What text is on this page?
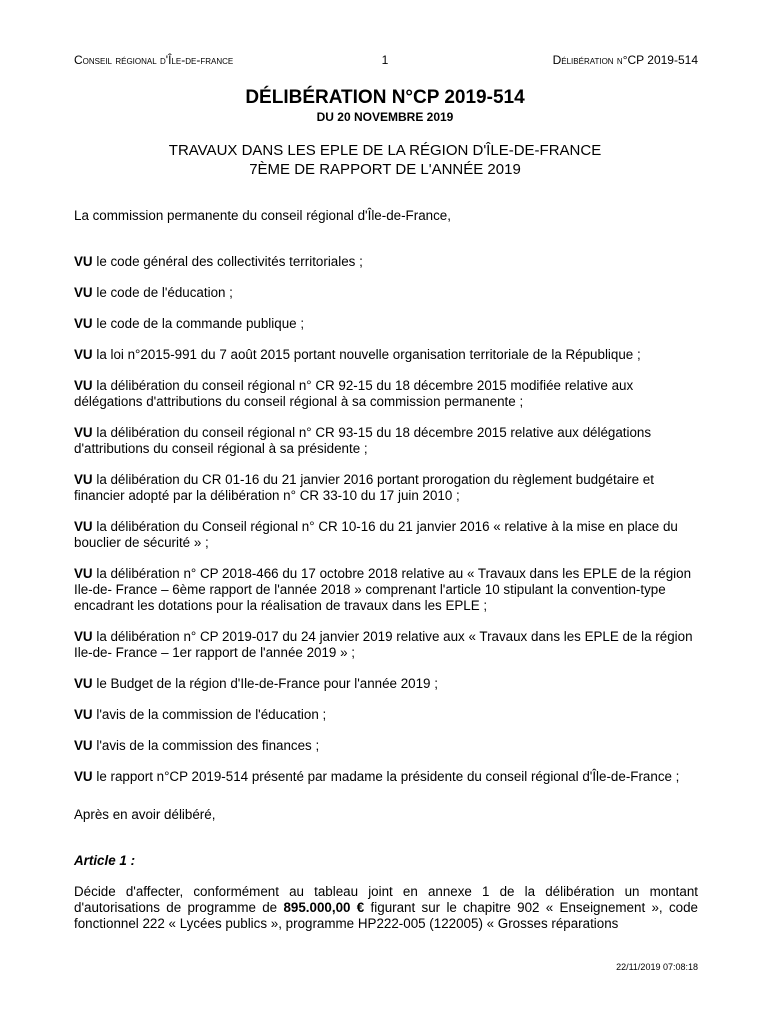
Conseil régional d'Île-de-france	1	Délibération n°CP 2019-514
DÉLIBÉRATION N°CP 2019-514
DU 20 NOVEMBRE 2019
TRAVAUX DANS LES EPLE DE LA RÉGION D'ÎLE-DE-FRANCE
7ÈME DE RAPPORT DE L'ANNÉE 2019
La commission permanente du conseil régional d'Île-de-France,

VU le code général des collectivités territoriales ;

VU le code de l'éducation ;

VU le code de la commande publique ;

VU la loi n°2015-991 du 7 août 2015 portant nouvelle organisation territoriale de la République ;

VU la délibération du conseil régional n° CR 92-15 du 18 décembre 2015 modifiée relative aux délégations d'attributions du conseil régional à sa commission permanente ;

VU la délibération du conseil régional n° CR 93-15 du 18 décembre 2015 relative aux délégations d'attributions du conseil régional à sa présidente ;

VU la délibération du CR 01-16 du 21 janvier 2016 portant prorogation du règlement budgétaire et financier adopté par la délibération n° CR 33-10 du 17 juin 2010 ;

VU la délibération du Conseil régional n° CR 10-16 du 21 janvier 2016 « relative à la mise en place du bouclier de sécurité » ;

VU la délibération n° CP 2018-466 du 17 octobre 2018 relative au « Travaux dans les EPLE de la région Ile-de- France – 6ème rapport de l'année 2018 » comprenant l'article 10 stipulant la convention-type encadrant les dotations pour la réalisation de travaux dans les EPLE ;

VU la délibération n° CP 2019-017 du 24 janvier 2019 relative aux « Travaux dans les EPLE de la région Ile-de- France – 1er rapport de l'année 2019 » ;

VU le Budget de la région d'Ile-de-France pour l'année 2019 ;

VU l'avis de la commission de l'éducation ;

VU l'avis de la commission des finances ;

VU le rapport n°CP 2019-514 présenté par madame la présidente du conseil régional d'Île-de-France ;

Après en avoir délibéré,
Article 1 :
Décide d'affecter, conformément au tableau joint en annexe 1 de la délibération un montant d'autorisations de programme de 895.000,00 € figurant sur le chapitre 902 « Enseignement », code fonctionnel 222 « Lycées publics », programme HP222-005 (122005) « Grosses réparations
22/11/2019 07:08:18
